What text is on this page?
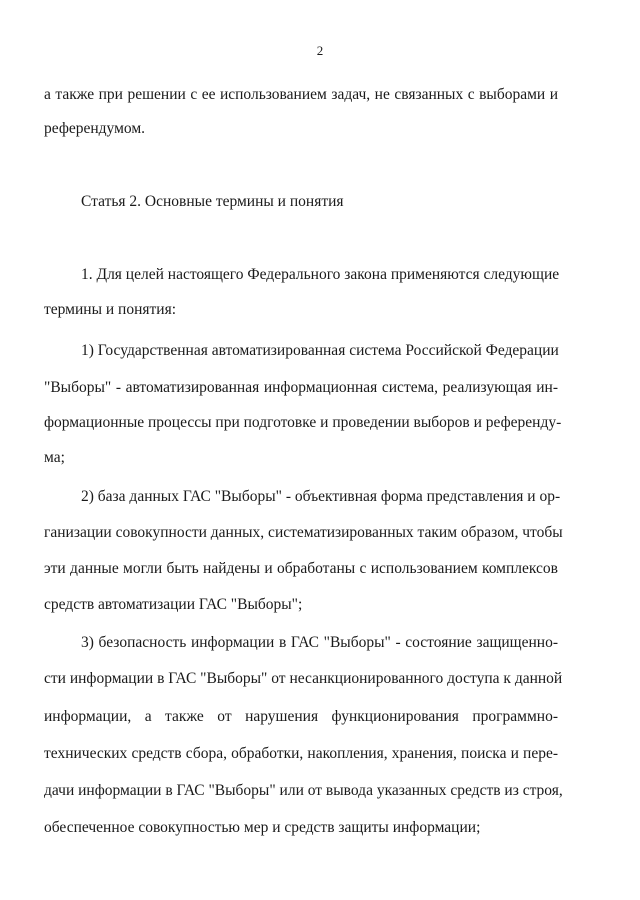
2
а также при решении с ее использованием задач, не связанных с выборами и
референдумом.
Статья 2. Основные термины и понятия
1. Для целей настоящего Федерального закона применяются следующие
термины и понятия:
1) Государственная автоматизированная система Российской Федерации
"Выборы" - автоматизированная информационная система, реализующая ин-
формационные процессы при подготовке и проведении выборов и референду-
ма;
2) база данных ГАС "Выборы" - объективная форма представления и ор-
ганизации совокупности данных, систематизированных таким образом, чтобы
эти данные могли быть найдены и обработаны с использованием комплексов
средств автоматизации ГАС "Выборы";
3) безопасность информации в ГАС "Выборы" - состояние защищенно-
сти информации в ГАС "Выборы" от несанкционированного доступа к данной
информации, а также от нарушения функционирования программно-
технических средств сбора, обработки, накопления, хранения, поиска и пере-
дачи информации в ГАС "Выборы" или от вывода указанных средств из строя,
обеспеченное совокупностью мер и средств защиты информации;
